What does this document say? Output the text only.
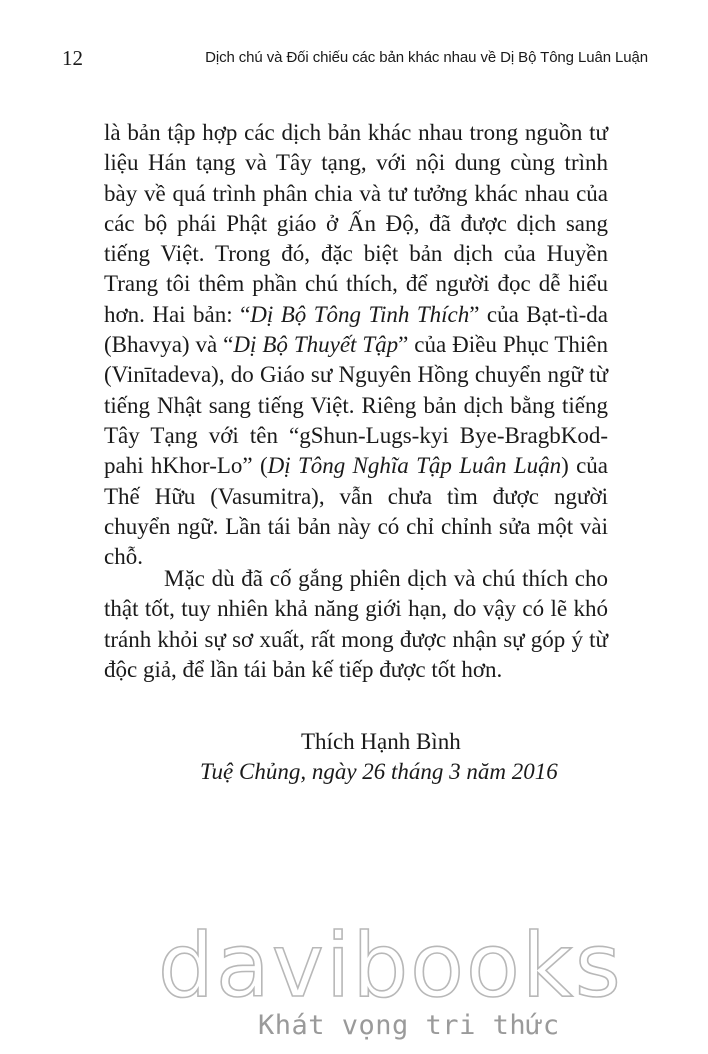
12	Dịch chú và Đối chiếu các bản khác nhau về Dị Bộ Tông Luân Luận

là bản tập hợp các dịch bản khác nhau trong nguồn tư liệu Hán tạng và Tây tạng, với nội dung cùng trình bày về quá trình phân chia và tư tưởng khác nhau của các bộ phái Phật giáo ở Ấn Độ, đã được dịch sang tiếng Việt. Trong đó, đặc biệt bản dịch của Huyền Trang tôi thêm phần chú thích, để người đọc dễ hiểu hơn. Hai bản: “Dị Bộ Tông Tinh Thích” của Bạt-tì-da (Bhavya) và “Dị Bộ Thuyết Tập” của Điều Phục Thiên (Vinītadeva), do Giáo sư Nguyên Hồng chuyển ngữ từ tiếng Nhật sang tiếng Việt. Riêng bản dịch bằng tiếng Tây Tạng với tên “gShun-Lugs-kyi Bye-BragbKod-pahi hKhor-Lo” (Dị Tông Nghĩa Tập Luân Luận) của Thế Hữu (Vasumitra), vẫn chưa tìm được người chuyển ngữ. Lần tái bản này có chỉ chỉnh sửa một vài chỗ.

Mặc dù đã cố gắng phiên dịch và chú thích cho thật tốt, tuy nhiên khả năng giới hạn, do vậy có lẽ khó tránh khỏi sự sơ xuất, rất mong được nhận sự góp ý từ độc giả, để lần tái bản kế tiếp được tốt hơn.

Thích Hạnh Bình
Tuệ Chủng, ngày 26 tháng 3 năm 2016
davibooks
Khát vọng tri thức
